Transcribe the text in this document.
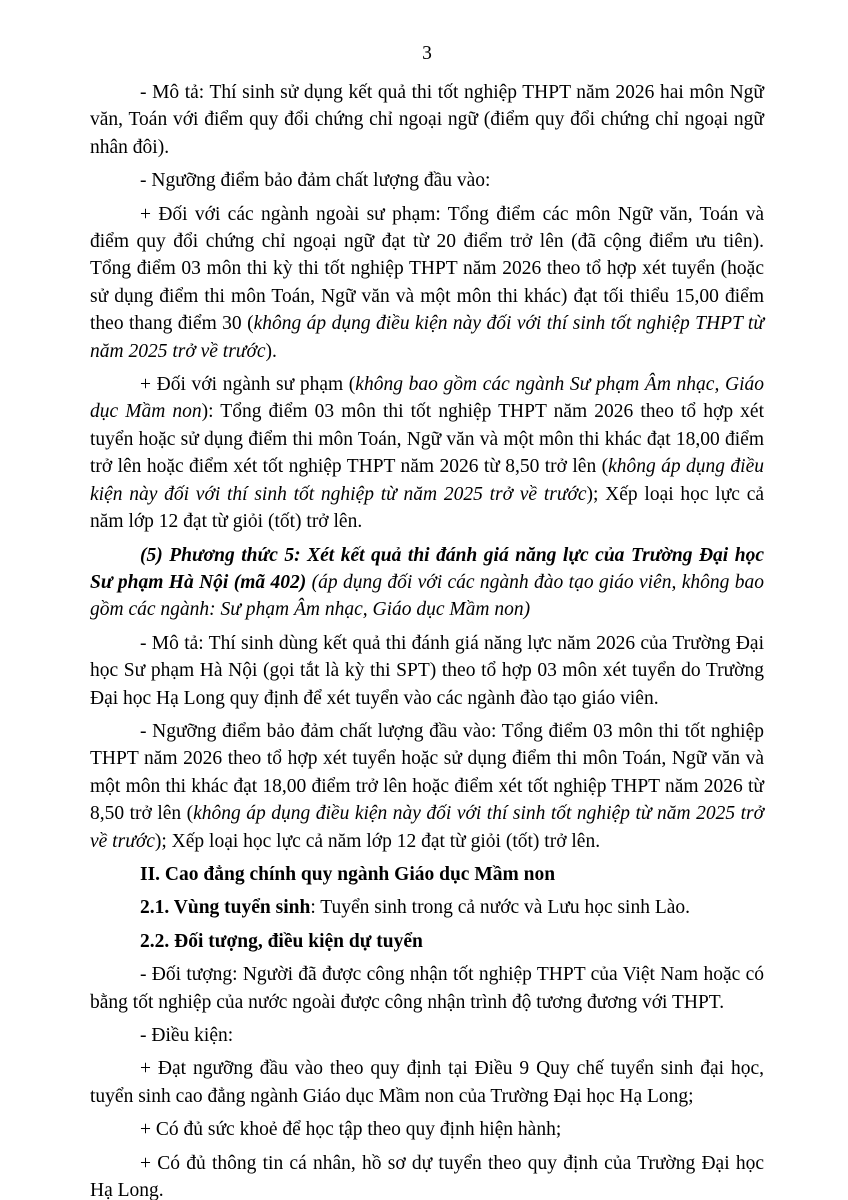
3

- Mô tả: Thí sinh sử dụng kết quả thi tốt nghiệp THPT năm 2026 hai môn Ngữ văn, Toán với điểm quy đổi chứng chỉ ngoại ngữ (điểm quy đổi chứng chỉ ngoại ngữ nhân đôi).

- Ngưỡng điểm bảo đảm chất lượng đầu vào:

+ Đối với các ngành ngoài sư phạm: Tổng điểm các môn Ngữ văn, Toán và điểm quy đổi chứng chỉ ngoại ngữ đạt từ 20 điểm trở lên (đã cộng điểm ưu tiên). Tổng điểm 03 môn thi kỳ thi tốt nghiệp THPT năm 2026 theo tổ hợp xét tuyển (hoặc sử dụng điểm thi môn Toán, Ngữ văn và một môn thi khác) đạt tối thiểu 15,00 điểm theo thang điểm 30 (không áp dụng điều kiện này đối với thí sinh tốt nghiệp THPT từ năm 2025 trở về trước).

+ Đối với ngành sư phạm (không bao gồm các ngành Sư phạm Âm nhạc, Giáo dục Mầm non): Tổng điểm 03 môn thi tốt nghiệp THPT năm 2026 theo tổ hợp xét tuyển hoặc sử dụng điểm thi môn Toán, Ngữ văn và một môn thi khác đạt 18,00 điểm trở lên hoặc điểm xét tốt nghiệp THPT năm 2026 từ 8,50 trở lên (không áp dụng điều kiện này đối với thí sinh tốt nghiệp từ năm 2025 trở về trước); Xếp loại học lực cả năm lớp 12 đạt từ giỏi (tốt) trở lên.

(5) Phương thức 5: Xét kết quả thi đánh giá năng lực của Trường Đại học Sư phạm Hà Nội (mã 402) (áp dụng đối với các ngành đào tạo giáo viên, không bao gồm các ngành: Sư phạm Âm nhạc, Giáo dục Mầm non)

- Mô tả: Thí sinh dùng kết quả thi đánh giá năng lực năm 2026 của Trường Đại học Sư phạm Hà Nội (gọi tắt là kỳ thi SPT) theo tổ hợp 03 môn xét tuyển do Trường Đại học Hạ Long quy định để xét tuyển vào các ngành đào tạo giáo viên.

- Ngưỡng điểm bảo đảm chất lượng đầu vào: Tổng điểm 03 môn thi tốt nghiệp THPT năm 2026 theo tổ hợp xét tuyển hoặc sử dụng điểm thi môn Toán, Ngữ văn và một môn thi khác đạt 18,00 điểm trở lên hoặc điểm xét tốt nghiệp THPT năm 2026 từ 8,50 trở lên (không áp dụng điều kiện này đối với thí sinh tốt nghiệp từ năm 2025 trở về trước); Xếp loại học lực cả năm lớp 12 đạt từ giỏi (tốt) trở lên.

II. Cao đẳng chính quy ngành Giáo dục Mầm non

2.1. Vùng tuyển sinh: Tuyển sinh trong cả nước và Lưu học sinh Lào.

2.2. Đối tượng, điều kiện dự tuyển

- Đối tượng: Người đã được công nhận tốt nghiệp THPT của Việt Nam hoặc có bằng tốt nghiệp của nước ngoài được công nhận trình độ tương đương với THPT.

- Điều kiện:

+ Đạt ngưỡng đầu vào theo quy định tại Điều 9 Quy chế tuyển sinh đại học, tuyển sinh cao đẳng ngành Giáo dục Mầm non của Trường Đại học Hạ Long;

+ Có đủ sức khoẻ để học tập theo quy định hiện hành;

+ Có đủ thông tin cá nhân, hồ sơ dự tuyển theo quy định của Trường Đại học Hạ Long.
